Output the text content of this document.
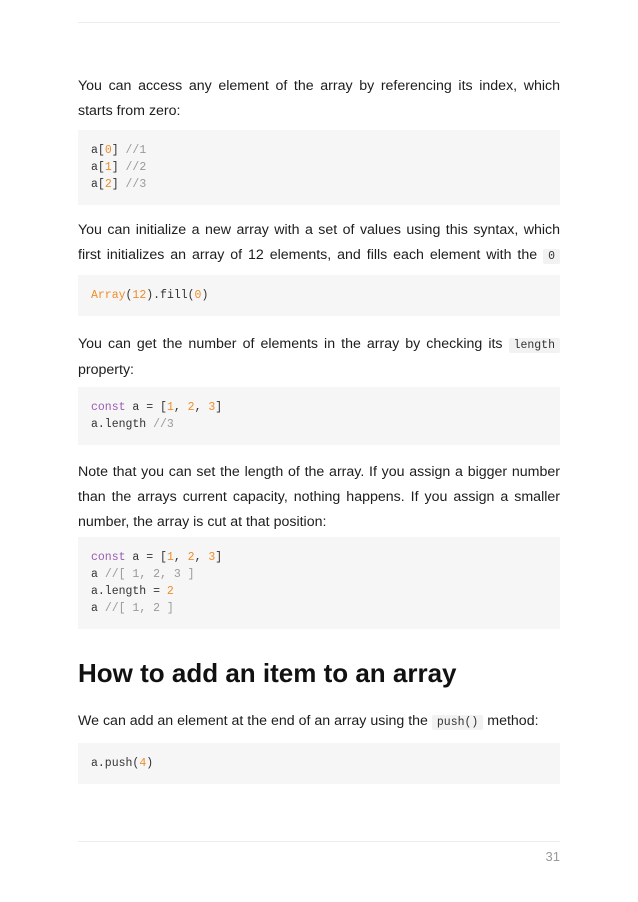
You can access any element of the array by referencing its index, which starts from zero:

a[0] //1
a[1] //2
a[2] //3

You can initialize a new array with a set of values using this syntax, which first initializes an array of 12 elements, and fills each element with the 0

Array(12).fill(0)

You can get the number of elements in the array by checking its length property:

const a = [1, 2, 3]
a.length //3

Note that you can set the length of the array. If you assign a bigger number than the arrays current capacity, nothing happens. If you assign a smaller number, the array is cut at that position:

const a = [1, 2, 3]
a //[ 1, 2, 3 ]
a.length = 2
a //[ 1, 2 ]
How to add an item to an array

We can add an element at the end of an array using the push() method:

a.push(4)
31
